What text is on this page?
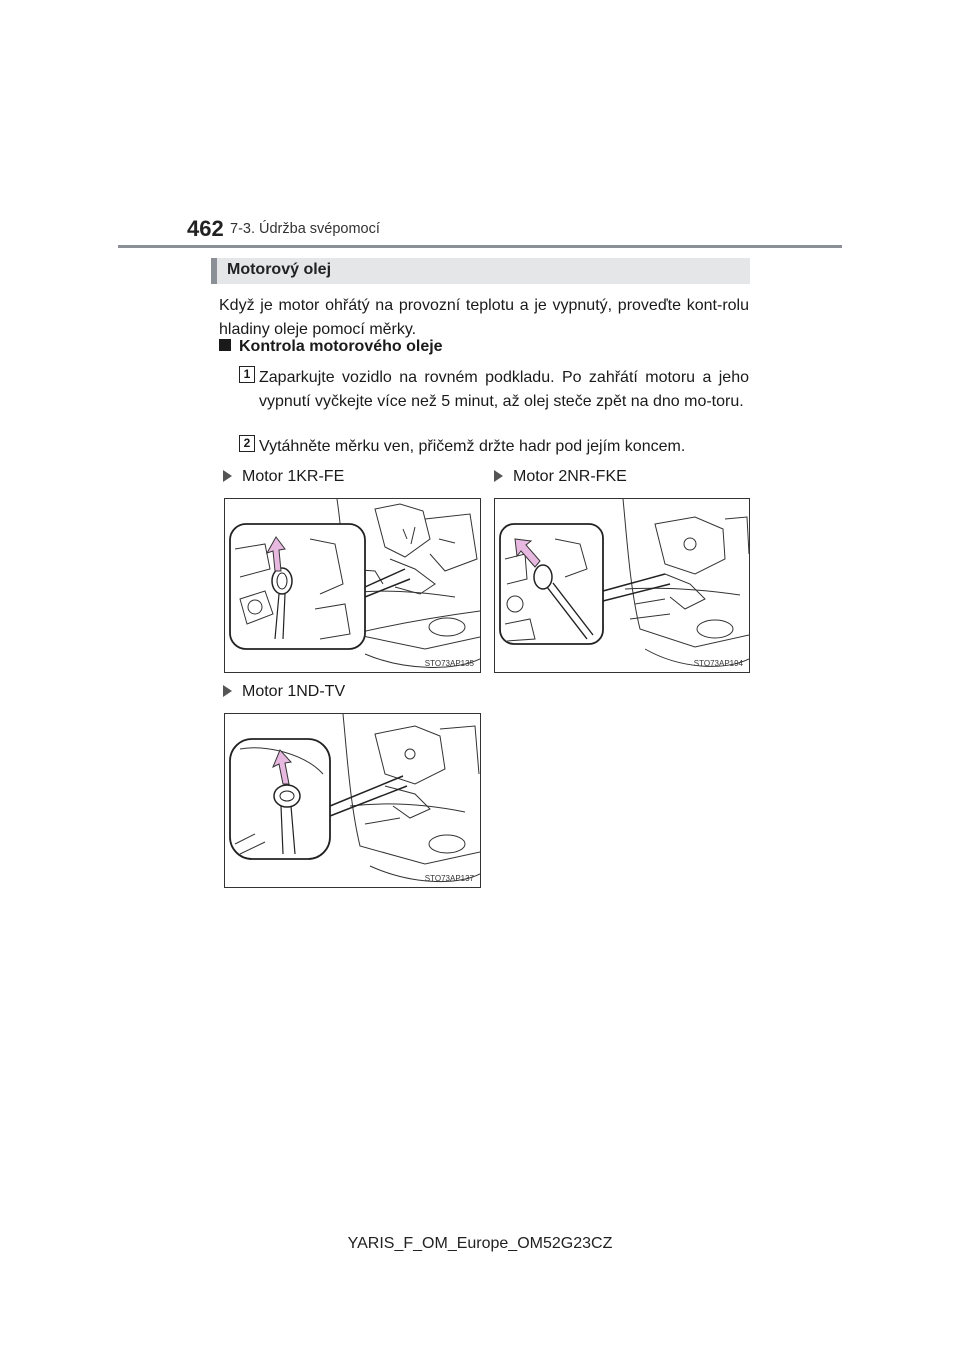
462 7-3. Údržba svépomocí
Motorový olej
Když je motor ohřátý na provozní teplotu a je vypnutý, proveďte kont-rolu hladiny oleje pomocí měrky.
Kontrola motorového oleje
1 Zaparkujte vozidlo na rovném podkladu. Po zahřátí motoru a jeho vypnutí vyčkejte více než 5 minut, až olej steče zpět na dno mo-toru.
2 Vytáhněte měrku ven, přičemž držte hadr pod jejím koncem.
Motor 1KR-FE	Motor 2NR-FKE
STO73AP135	STO73AP194
Motor 1ND-TV
STO73AP137
YARIS_F_OM_Europe_OM52G23CZ
